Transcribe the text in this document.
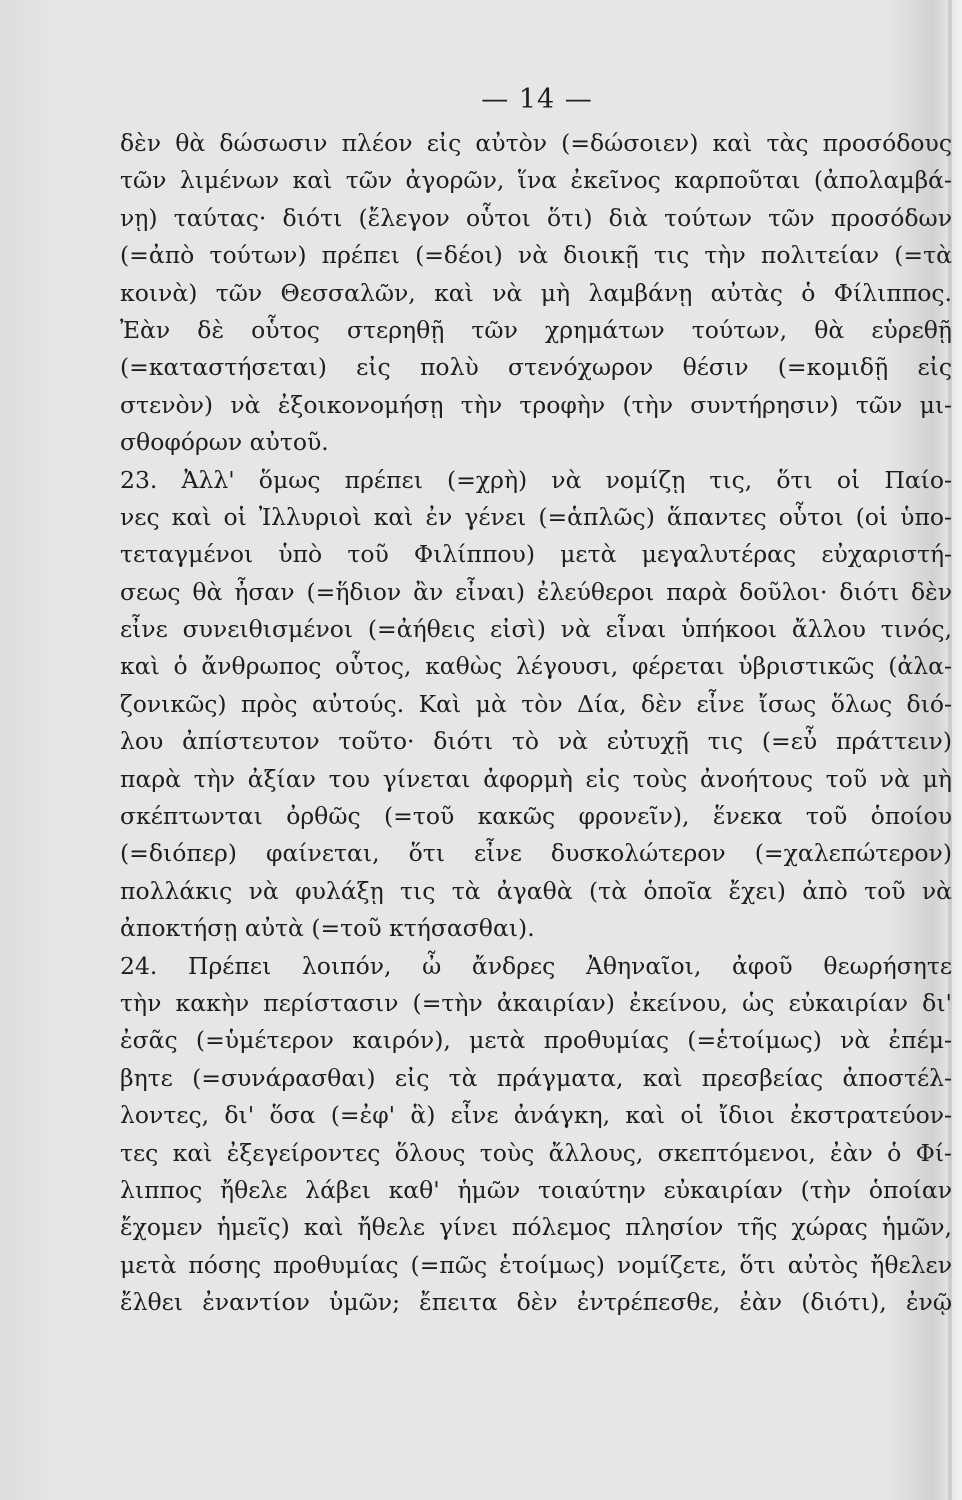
— 14 —
δὲν θὰ δώσωσιν πλέον εἰς αὐτὸν (=δώσοιεν) καὶ τὰς προσόδους
τῶν λιμένων καὶ τῶν ἀγορῶν, ἵνα ἐκεῖνος καρποῦται (ἀπολαμβά-
νῃ) ταύτας· διότι (ἔλεγον οὗτοι ὅτι) διὰ τούτων τῶν προσόδων
(=ἀπὸ τούτων) πρέπει (=δέοι) νὰ διοικῇ τις τὴν πολιτείαν (=τὰ
κοινὰ) τῶν Θεσσαλῶν, καὶ νὰ μὴ λαμβάνῃ αὐτὰς ὁ Φίλιππος.
Ἐὰν δὲ οὗτος στερηθῇ τῶν χρημάτων τούτων, θὰ εὑρεθῇ
(=καταστήσεται) εἰς πολὺ στενόχωρον θέσιν (=κομιδῇ εἰς
στενὸν) νὰ ἐξοικονομήσῃ τὴν τροφὴν (τὴν συντήρησιν) τῶν μι-
σθοφόρων αὐτοῦ.
23. Ἀλλ' ὅμως πρέπει (=χρὴ) νὰ νομίζῃ τις, ὅτι οἱ Παίο-
νες καὶ οἱ Ἰλλυριοὶ καὶ ἐν γένει (=ἁπλῶς) ἅπαντες οὗτοι (οἱ ὑπο-
τεταγμένοι ὑπὸ τοῦ Φιλίππου) μετὰ μεγαλυτέρας εὐχαριστή-
σεως θὰ ἦσαν (=ἥδιον ἂν εἶναι) ἐλεύθεροι παρὰ δοῦλοι· διότι δὲν
εἶνε συνειθισμένοι (=ἀήθεις εἰσὶ) νὰ εἶναι ὑπήκοοι ἄλλου τινός,
καὶ ὁ ἄνθρωπος οὗτος, καθὼς λέγουσι, φέρεται ὑβριστικῶς (ἀλα-
ζονικῶς) πρὸς αὐτούς. Καὶ μὰ τὸν Δία, δὲν εἶνε ἴσως ὅλως διό-
λου ἀπίστευτον τοῦτο· διότι τὸ νὰ εὐτυχῇ τις (=εὖ πράττειν)
παρὰ τὴν ἀξίαν του γίνεται ἀφορμὴ εἰς τοὺς ἀνοήτους τοῦ νὰ μὴ
σκέπτωνται ὀρθῶς (=τοῦ κακῶς φρονεῖν), ἕνεκα τοῦ ὁποίου
(=διόπερ) φαίνεται, ὅτι εἶνε δυσκολώτερον (=χαλεπώτερον)
πολλάκις νὰ φυλάξῃ τις τὰ ἀγαθὰ (τὰ ὁποῖα ἔχει) ἀπὸ τοῦ νὰ
ἀποκτήσῃ αὐτὰ (=τοῦ κτήσασθαι).
24. Πρέπει λοιπόν, ὦ ἄνδρες Ἀθηναῖοι, ἀφοῦ θεωρήσητε
τὴν κακὴν περίστασιν (=τὴν ἀκαιρίαν) ἐκείνου, ὡς εὐκαιρίαν δι'
ἐσᾶς (=ὑμέτερον καιρόν), μετὰ προθυμίας (=ἑτοίμως) νὰ ἐπέμ-
βητε (=συνάρασθαι) εἰς τὰ πράγματα, καὶ πρεσβείας ἀποστέλ-
λοντες, δι' ὅσα (=ἐφ' ἃ) εἶνε ἀνάγκη, καὶ οἱ ἴδιοι ἐκστρατεύον-
τες καὶ ἐξεγείροντες ὅλους τοὺς ἄλλους, σκεπτόμενοι, ἐὰν ὁ Φί-
λιππος ἤθελε λάβει καθ' ἡμῶν τοιαύτην εὐκαιρίαν (τὴν ὁποίαν
ἔχομεν ἡμεῖς) καὶ ἤθελε γίνει πόλεμος πλησίον τῆς χώρας ἡμῶν,
μετὰ πόσης προθυμίας (=πῶς ἑτοίμως) νομίζετε, ὅτι αὐτὸς ἤθελεν
ἔλθει ἐναντίον ὑμῶν; ἔπειτα δὲν ἐντρέπεσθε, ἐὰν (διότι), ἐνῷ
